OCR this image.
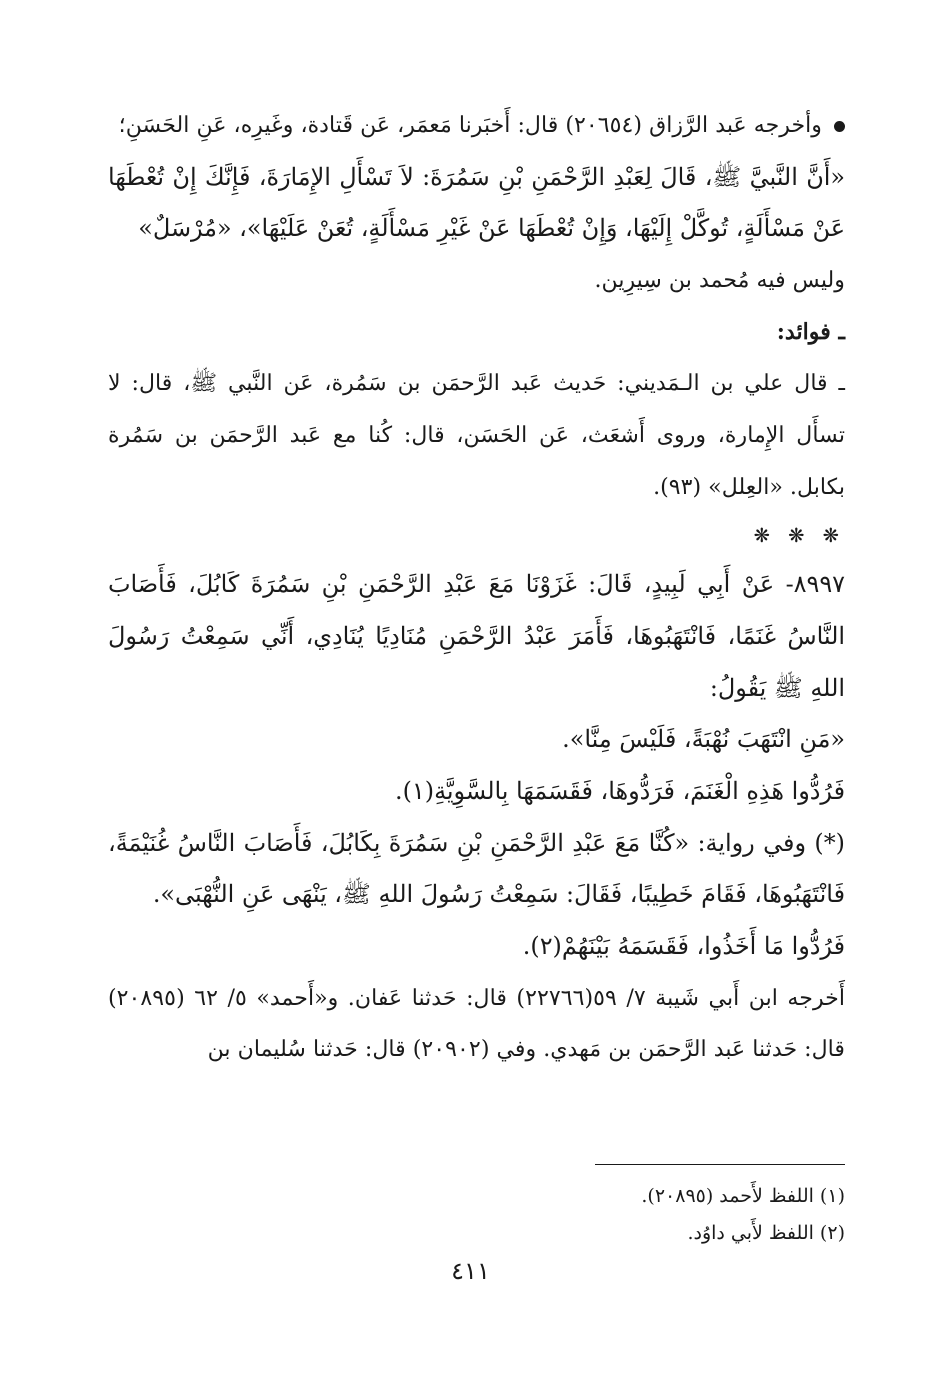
وأخرجه عَبد الرَّزاق (٢٠٦٥٤) قال: أَخبَرنا مَعمَر، عَن قَتادة، وغَيرِه، عَنِ الحَسَنِ؛

«أَنَّ النَّبيَّ ﷺ، قَالَ لِعَبْدِ الرَّحْمَنِ بْنِ سَمُرَةَ: لاَ تَسْأَلِ الإِمَارَةَ، فَإِنَّكَ إِنْ تُعْطَهَا عَنْ مَسْأَلَةٍ، تُوكَّلْ إِلَيْهَا، وَإِنْ تُعْطَهَا عَنْ غَيْرِ مَسْأَلَةٍ، تُعَنْ عَلَيْهَا»، «مُرْسَلٌ»

وليس فيه مُحمد بن سِيرِين.

ـ فوائد:

ـ قال علي بن الـمَديني: حَديث عَبد الرَّحمَن بن سَمُرة، عَن النَّبي ﷺ، قال: لا تسأَل الإِمارة، وروى أَشعَث، عَن الحَسَن، قال: كُنا مع عَبد الرَّحمَن بن سَمُرة بكابل. «العِلل» (٩٣).

❋ ❋ ❋

٨٩٩٧- عَنْ أَبِي لَبِيدٍ، قَالَ: غَزَوْنَا مَعَ عَبْدِ الرَّحْمَنِ بْنِ سَمُرَةَ كَابُلَ، فَأَصَابَ النَّاسُ غَنَمًا، فَانْتَهَبُوهَا، فَأَمَرَ عَبْدُ الرَّحْمَنِ مُنَادِيًا يُنَادِي، أَنِّي سَمِعْتُ رَسُولَ اللهِ ﷺ يَقُولُ:

«مَنِ انْتَهَبَ نُهْبَةً، فَلَيْسَ مِنَّا».

فَرُدُّوا هَذِهِ الْغَنَمَ، فَرَدُّوهَا، فَقَسَمَهَا بِالسَّوِيَّةِ(١).

(*) وفي رواية: «كُنَّا مَعَ عَبْدِ الرَّحْمَنِ بْنِ سَمُرَةَ بِكَابُلَ، فَأَصَابَ النَّاسُ غُنَيْمَةً، فَانْتَهَبُوهَا، فَقَامَ خَطِيبًا، فَقَالَ: سَمِعْتُ رَسُولَ اللهِ ﷺ، يَنْهَى عَنِ النُّهْبَى».

فَرُدُّوا مَا أَخَذُوا، فَقَسَمَهُ بَيْنَهُمْ(٢).

أَخرجه ابن أَبي شَيبة ٧/ ٥٩(٢٢٧٦٦) قال: حَدثنا عَفان. و«أَحمد» ٥/ ٦٢ (٢٠٨٩٥) قال: حَدثنا عَبد الرَّحمَن بن مَهدي. وفي (٢٠٩٠٢) قال: حَدثنا سُليمان بن

(١) اللفظ لأَحمد (٢٠٨٩٥).

(٢) اللفظ لأَبي داوُد.

٤١١
